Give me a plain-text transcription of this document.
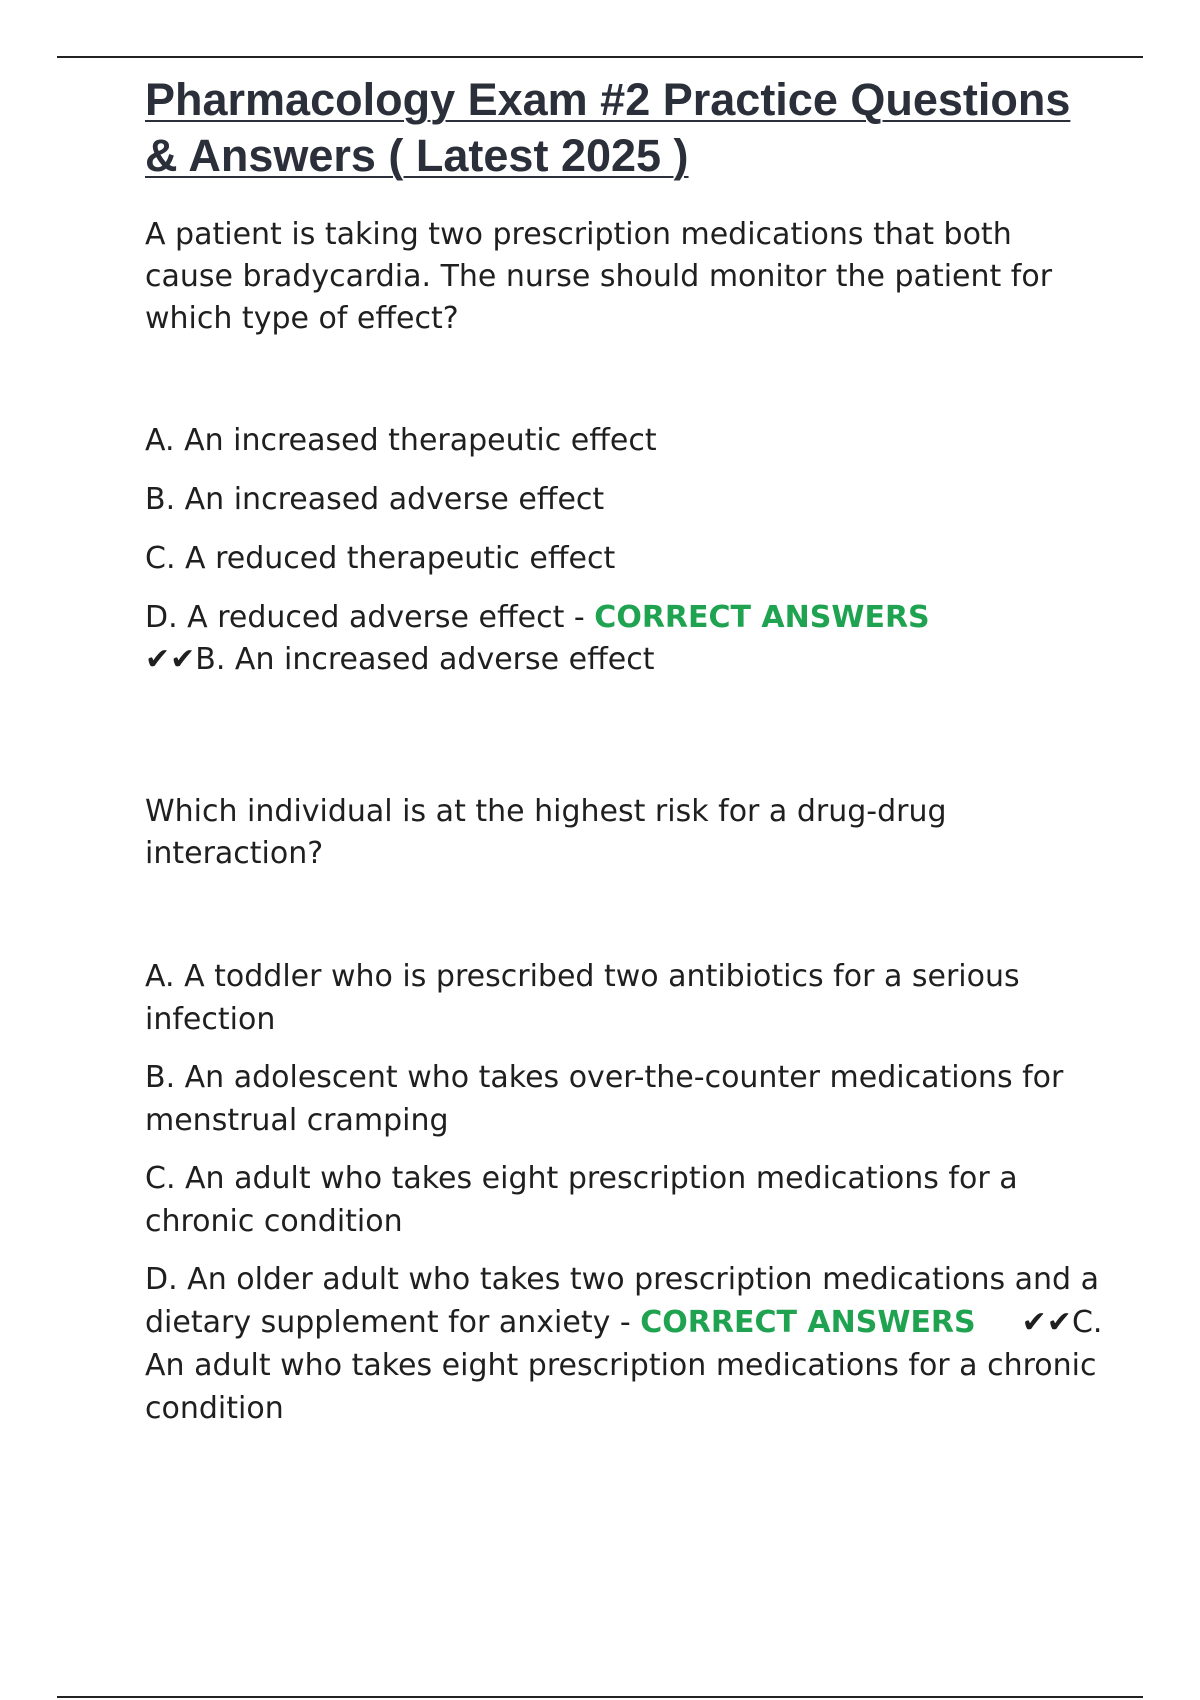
Pharmacology Exam #2 Practice Questions & Answers ( Latest 2025 )

A patient is taking two prescription medications that both cause bradycardia. The nurse should monitor the patient for which type of effect?

A. An increased therapeutic effect
B. An increased adverse effect
C. A reduced therapeutic effect
D. A reduced adverse effect - CORRECT ANSWERS
✔✔B. An increased adverse effect

Which individual is at the highest risk for a drug-drug interaction?

A. A toddler who is prescribed two antibiotics for a serious infection
B. An adolescent who takes over-the-counter medications for menstrual cramping
C. An adult who takes eight prescription medications for a chronic condition
D. An older adult who takes two prescription medications and a dietary supplement for anxiety - CORRECT ANSWERS ✔✔C. An adult who takes eight prescription medications for a chronic condition
